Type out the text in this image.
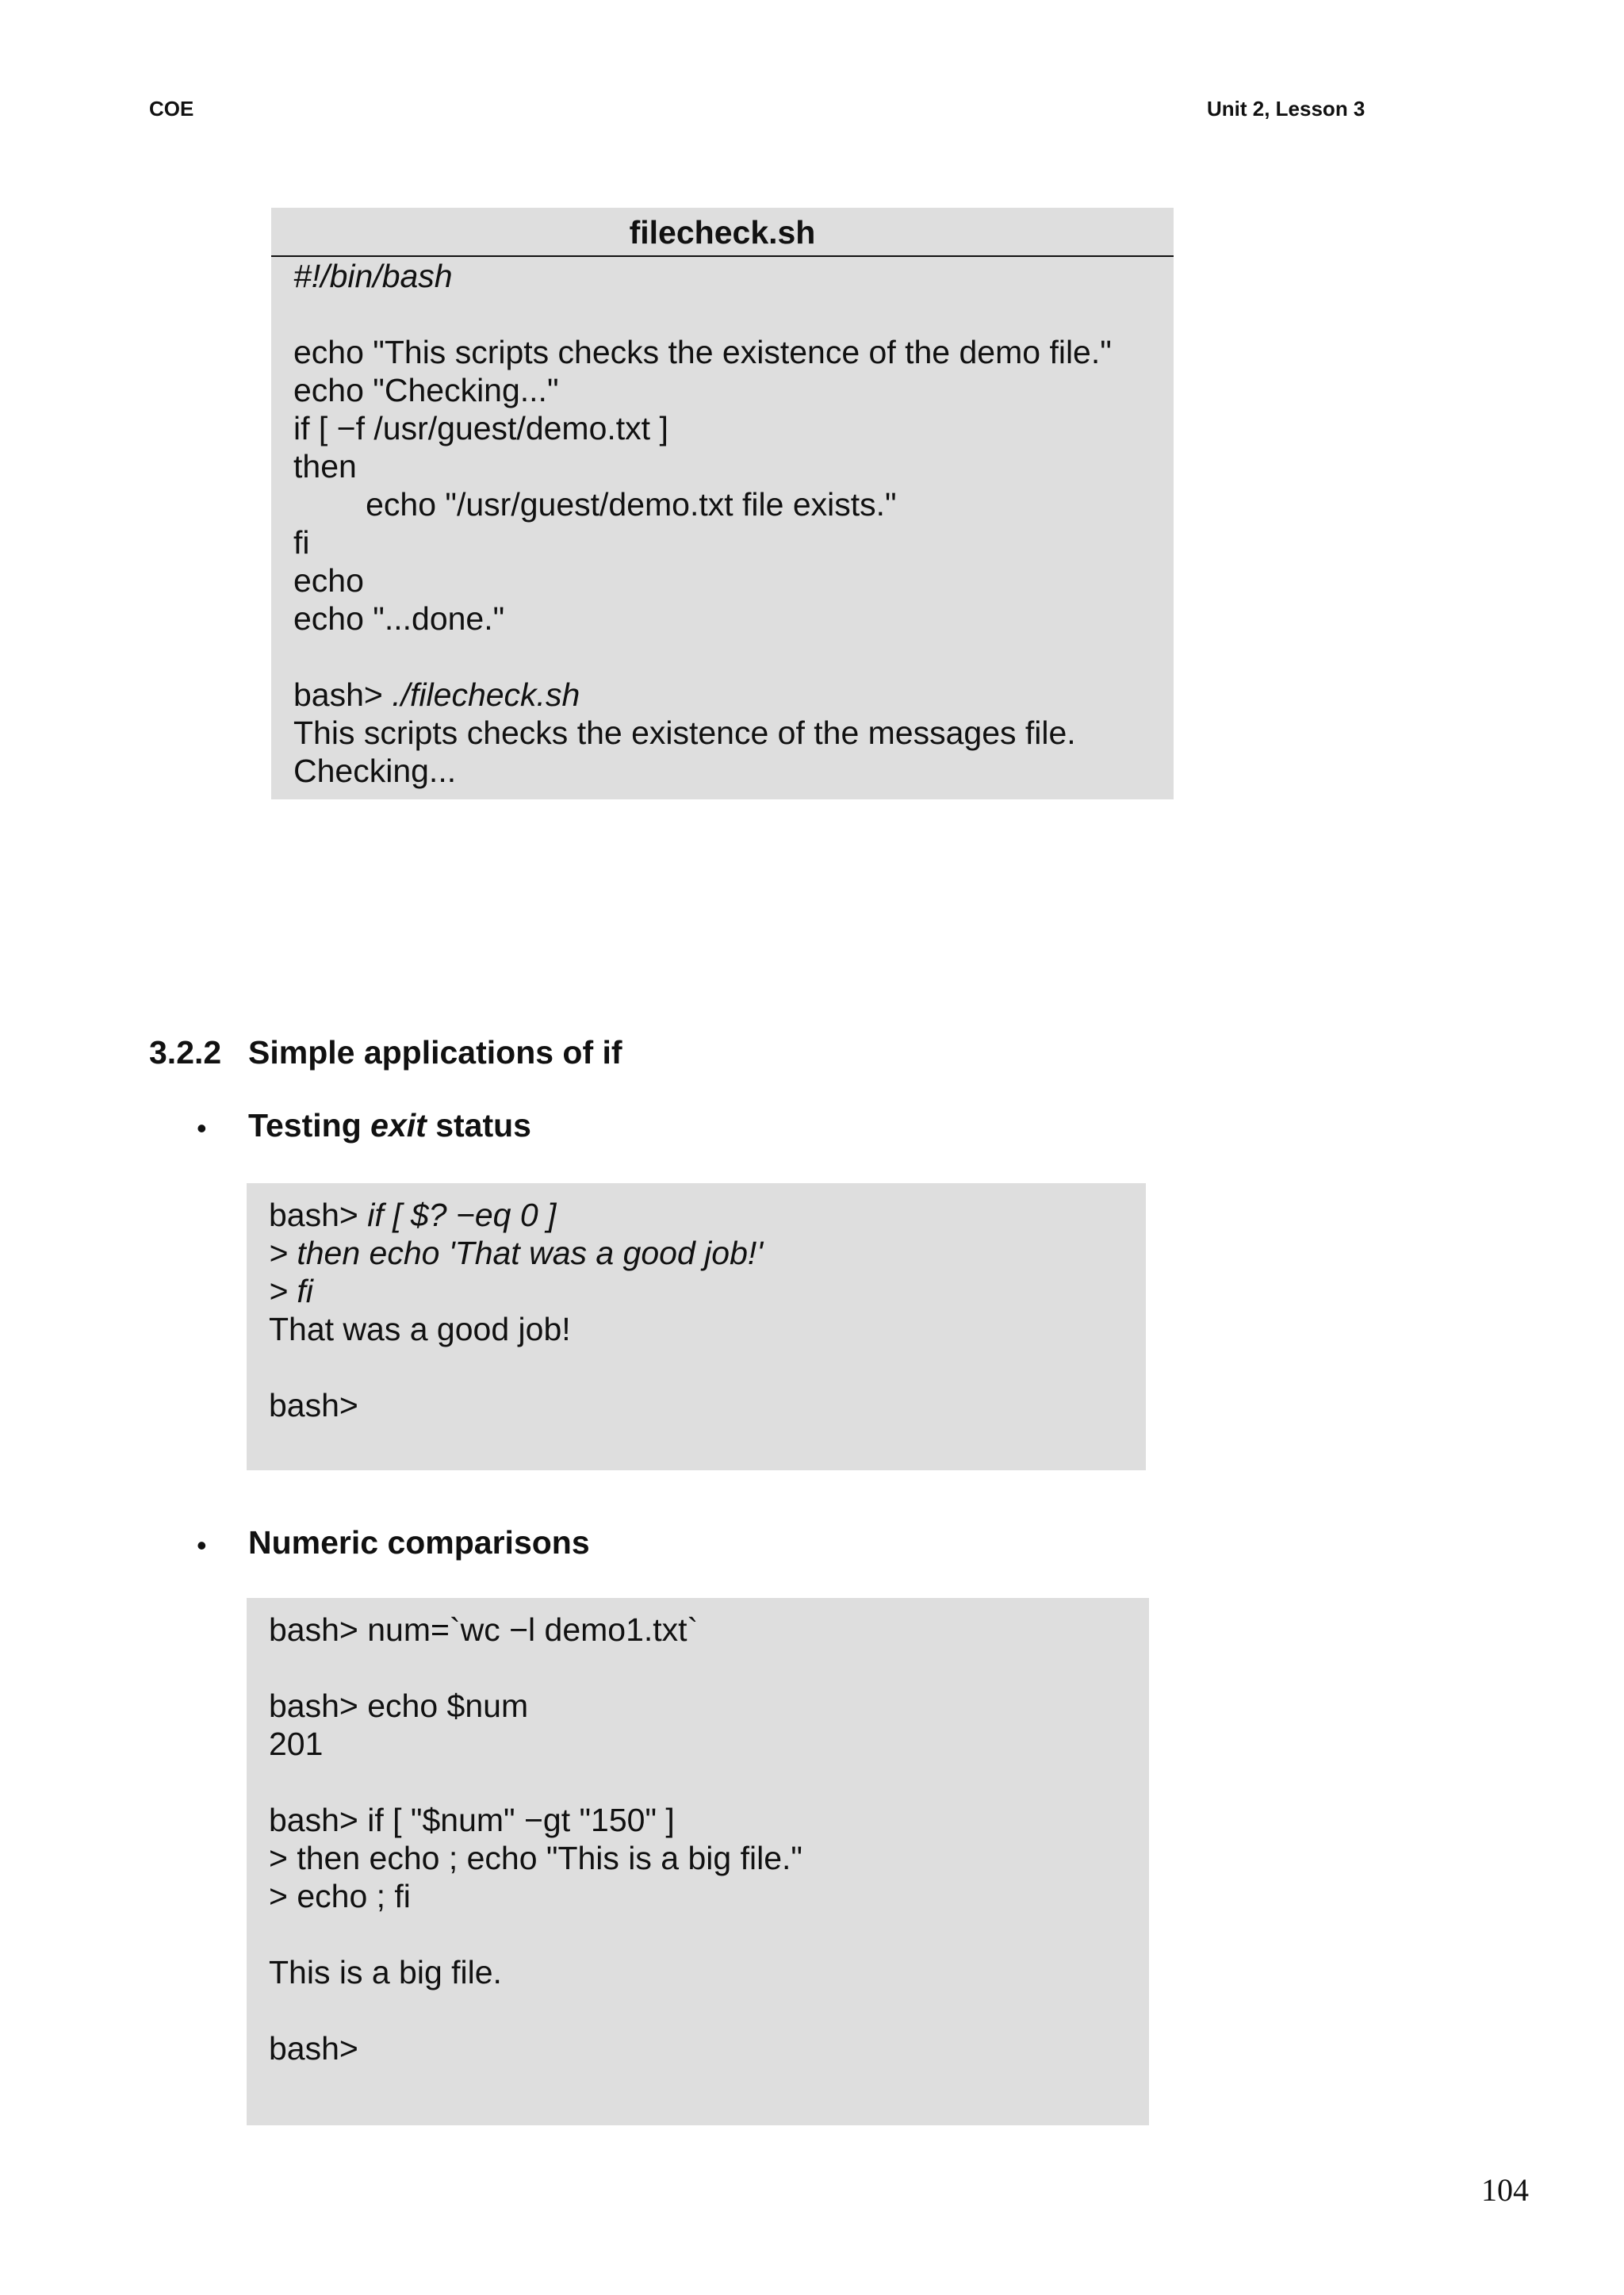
COE	Unit 2, Lesson 3
filecheck.sh
#!/bin/bash
echo "This scripts checks the existence of the demo file."
echo "Checking..."
if [ −f /usr/guest/demo.txt ]
then
echo "/usr/guest/demo.txt file exists."
fi
echo
echo "...done."
bash> ./filecheck.sh
This scripts checks the existence of the messages file.
Checking...
3.2.2 Simple applications of if
• Testing exit status
bash> if [ $? −eq 0 ]
> then echo 'That was a good job!'
> fi
That was a good job!
bash>
• Numeric comparisons
bash> num=`wc −l demo1.txt`
bash> echo $num
201
bash> if [ "$num" −gt "150" ]
> then echo ; echo "This is a big file."
> echo ; fi
This is a big file.
bash>
104
